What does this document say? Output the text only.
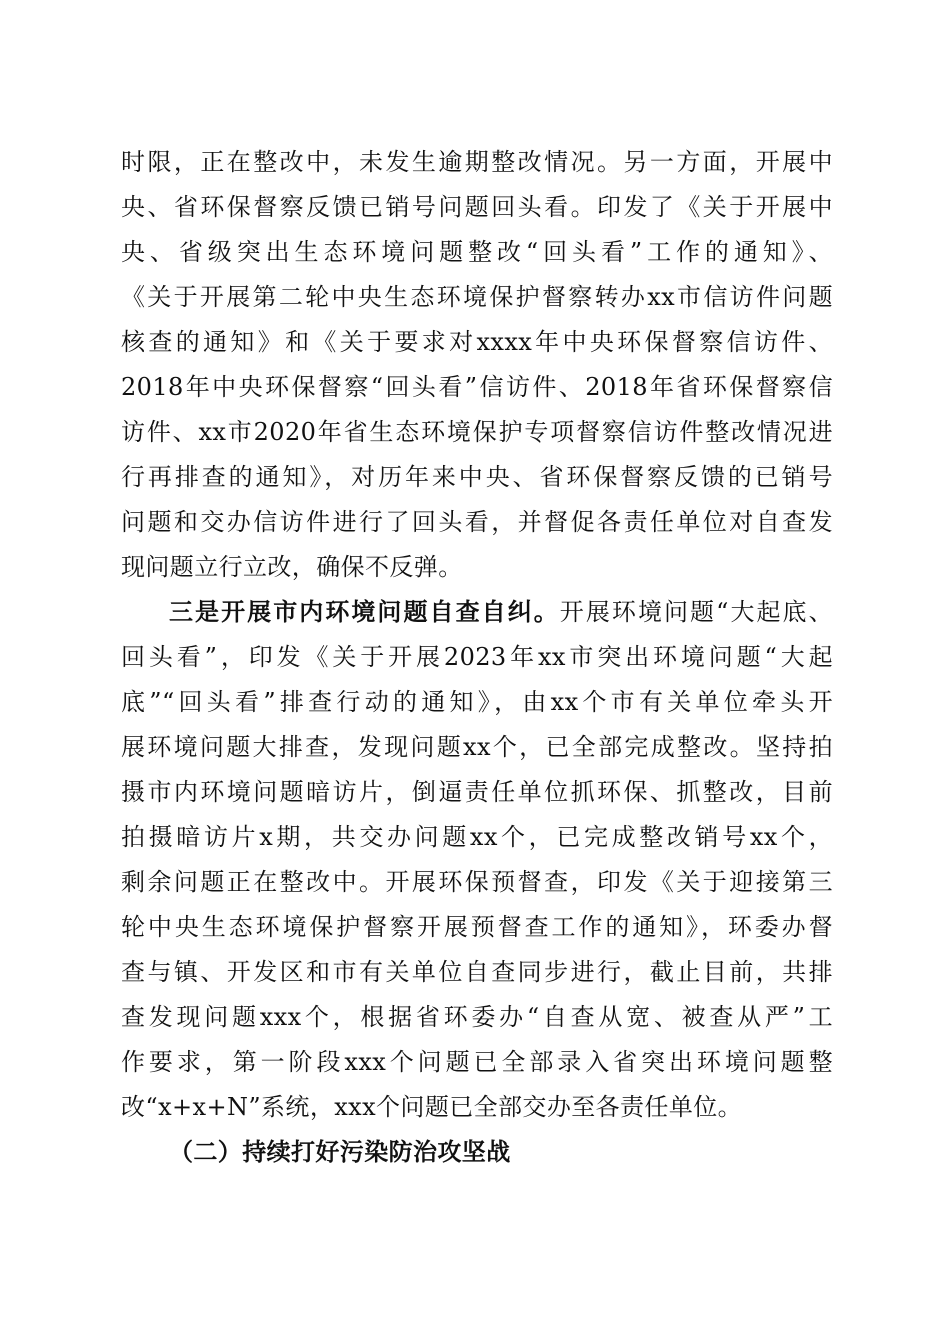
时限，正在整改中，未发生逾期整改情况。另一方面，开展中
央、省环保督察反馈已销号问题回头看。印发了《关于开展中
央、省级突出生态环境问题整改“回头看”工作的通知》、
《关于开展第二轮中央生态环境保护督察转办xx市信访件问题
核查的通知》和《关于要求对xxxx年中央环保督察信访件、
2018年中央环保督察“回头看”信访件、2018年省环保督察信
访件、xx市2020年省生态环境保护专项督察信访件整改情况进
行再排查的通知》，对历年来中央、省环保督察反馈的已销号
问题和交办信访件进行了回头看，并督促各责任单位对自查发
现问题立行立改，确保不反弹。
三是开展市内环境问题自查自纠。开展环境问题“大起底、
回头看”，印发《关于开展2023年xx市突出环境问题“大起
底”“回头看”排查行动的通知》，由xx个市有关单位牵头开
展环境问题大排查，发现问题xx个，已全部完成整改。坚持拍
摄市内环境问题暗访片，倒逼责任单位抓环保、抓整改，目前
拍摄暗访片x期，共交办问题xx个，已完成整改销号xx个，
剩余问题正在整改中。开展环保预督查，印发《关于迎接第三
轮中央生态环境保护督察开展预督查工作的通知》，环委办督
查与镇、开发区和市有关单位自查同步进行，截止目前，共排
查发现问题xxx个，根据省环委办“自查从宽、被查从严”工
作要求，第一阶段xxx个问题已全部录入省突出环境问题整
改“x+x+N”系统，xxx个问题已全部交办至各责任单位。
（二）持续打好污染防治攻坚战
